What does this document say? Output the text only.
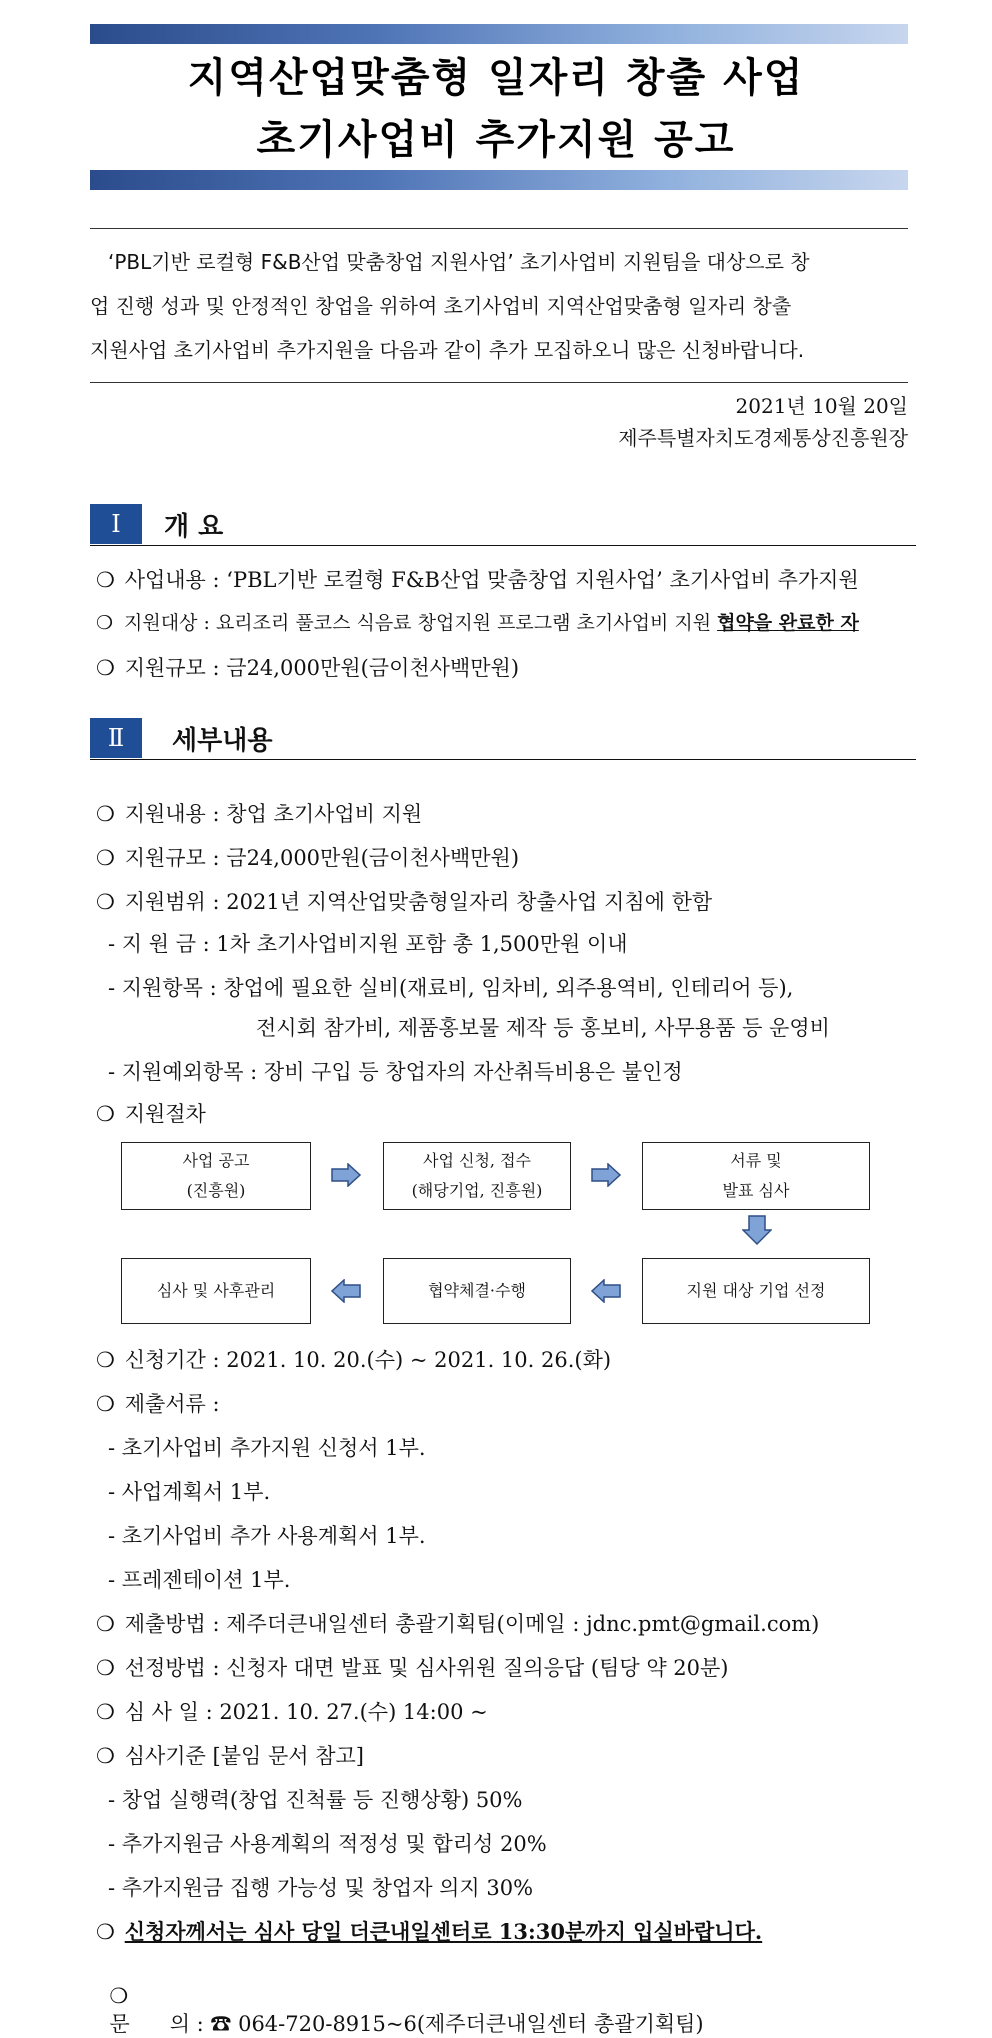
지역산업맞춤형 일자리 창출 사업
초기사업비 추가지원 공고
‘PBL기반 로컬형 F&B산업 맞춤창업 지원사업’ 초기사업비 지원팀을 대상으로 창
업 진행 성과 및 안정적인 창업을 위하여 초기사업비 지역산업맞춤형 일자리 창출
지원사업 초기사업비 추가지원을 다음과 같이 추가 모집하오니 많은 신청바랍니다.
2021년 10월 20일
제주특별자치도경제통상진흥원장
Ⅰ	개 요
❍ 사업내용 : ‘PBL기반 로컬형 F&B산업 맞춤창업 지원사업’ 초기사업비 추가지원
❍ 지원대상 : 요리조리 풀코스 식음료 창업지원 프로그램 초기사업비 지원 협약을 완료한 자
❍ 지원규모 : 금24,000만원(금이천사백만원)
Ⅱ	세부내용
❍ 지원내용 : 창업 초기사업비 지원
❍ 지원규모 : 금24,000만원(금이천사백만원)
❍ 지원범위 : 2021년 지역산업맞춤형일자리 창출사업 지침에 한함
- 지 원 금 : 1차 초기사업비지원 포함 총 1,500만원 이내
- 지원항목 : 창업에 필요한 실비(재료비, 임차비, 외주용역비, 인테리어 등),
전시회 참가비, 제품홍보물 제작 등 홍보비, 사무용품 등 운영비
- 지원예외항목 : 장비 구입 등 창업자의 자산취득비용은 불인정
❍ 지원절차
사업 공고
(진흥원)
사업 신청, 접수
(해당기업, 진흥원)
서류 및
발표 심사
지원 대상 기업 선정
협약체결·수행
심사 및 사후관리
❍ 신청기간 : 2021. 10. 20.(수) ~ 2021. 10. 26.(화)
❍ 제출서류 :
- 초기사업비 추가지원 신청서 1부.
- 사업계획서 1부.
- 초기사업비 추가 사용계획서 1부.
- 프레젠테이션 1부.
❍ 제출방법 : 제주더큰내일센터 총괄기획팀(이메일 : jdnc.pmt@gmail.com)
❍ 선정방법 : 신청자 대면 발표 및 심사위원 질의응답 (팀당 약 20분)
❍ 심 사 일 : 2021. 10. 27.(수) 14:00 ~
❍ 심사기준 [붙임 문서 참고]
- 창업 실행력(창업 진척률 등 진행상황) 50%
- 추가지원금 사용계획의 적정성 및 합리성 20%
- 추가지원금 집행 가능성 및 창업자 의지 30%
❍ 신청자께서는 심사 당일 더큰내일센터로 13:30분까지 입실바랍니다.

❍
문      의 : ☎ 064-720-8915~6(제주더큰내일센터 총괄기획팀)
